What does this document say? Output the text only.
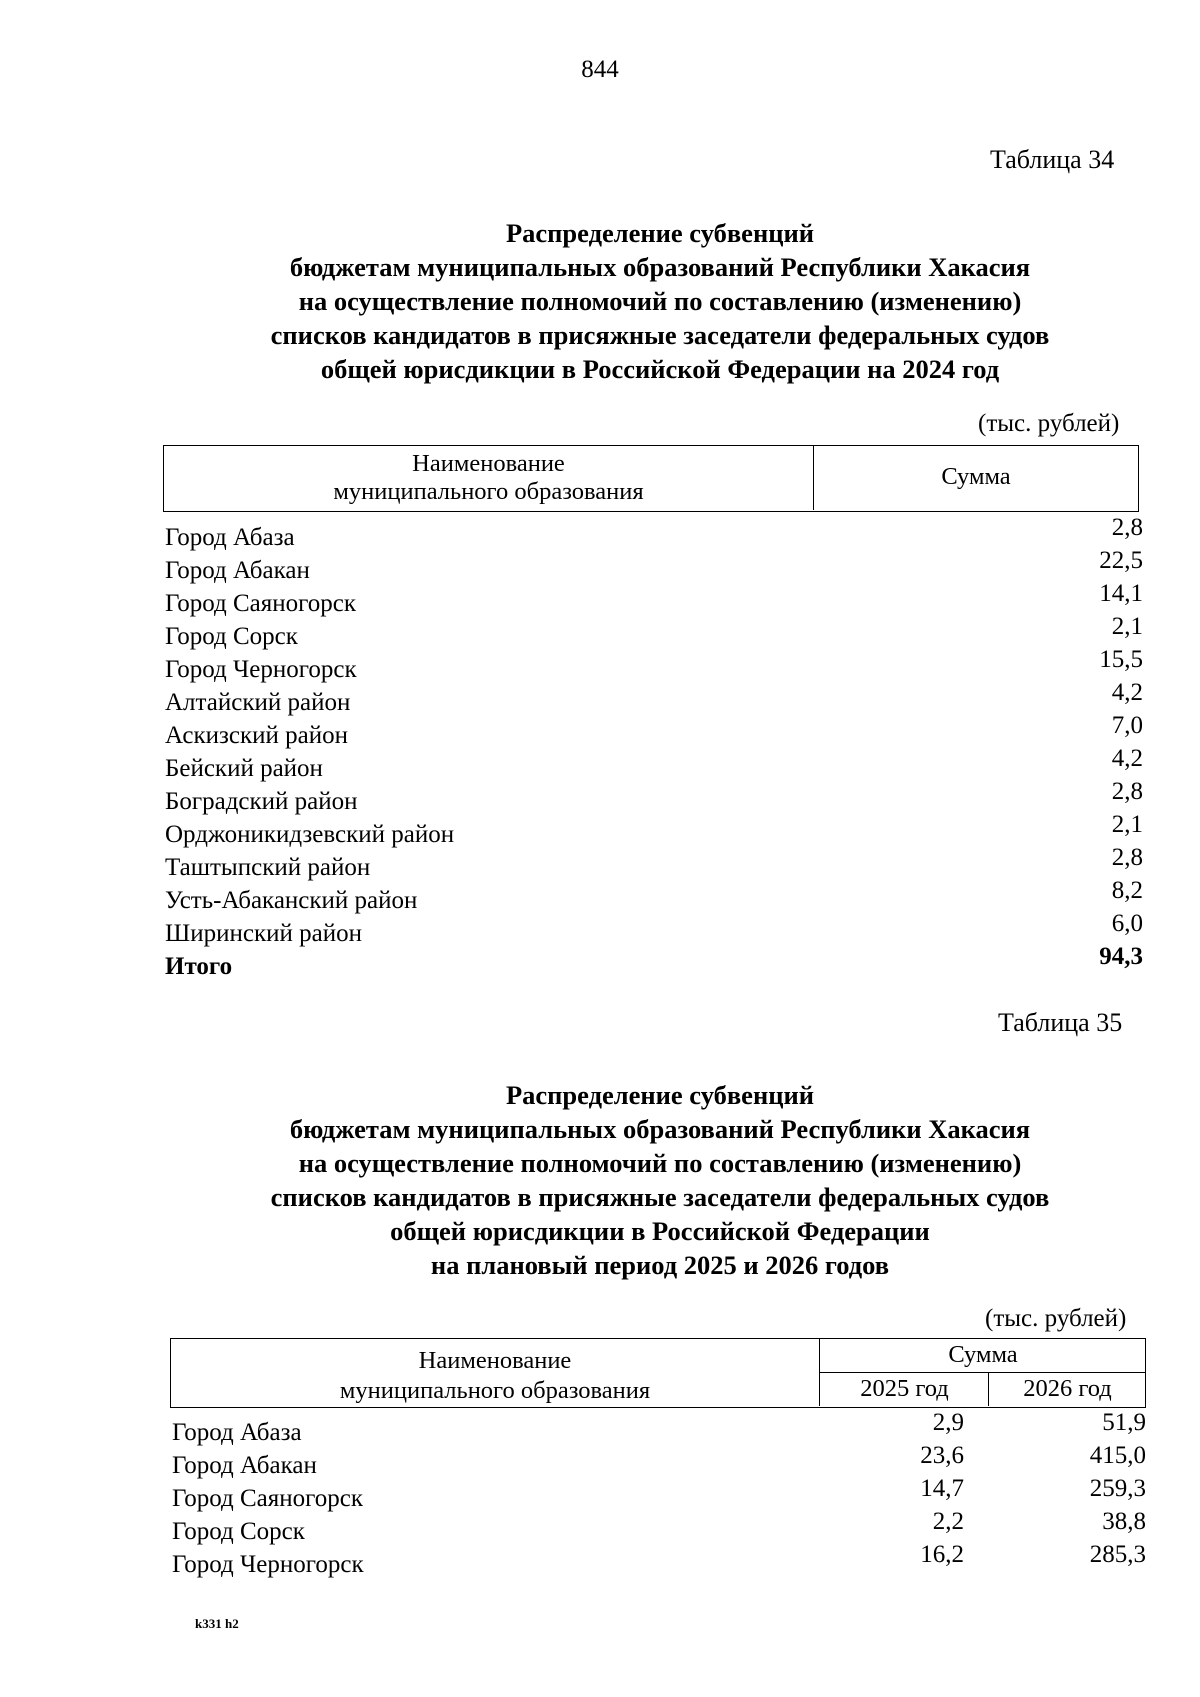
844
Таблица 34
Распределение субвенций
бюджетам муниципальных образований Республики Хакасия
на осуществление полномочий по составлению (изменению)
списков кандидатов в присяжные заседатели федеральных судов
общей юрисдикции в Российской Федерации на 2024 год
(тыс. рублей)
Наименование
муниципального образования
Сумма
Город Абаза	2,8
Город Абакан	22,5
Город Саяногорск	14,1
Город Сорск	2,1
Город Черногорск	15,5
Алтайский район	4,2
Аскизский район	7,0
Бейский район	4,2
Боградский район	2,8
Орджоникидзевский район	2,1
Таштыпский район	2,8
Усть-Абаканский район	8,2
Ширинский район	6,0
Итого	94,3
Таблица 35
Распределение субвенций
бюджетам муниципальных образований Республики Хакасия
на осуществление полномочий по составлению (изменению)
списков кандидатов в присяжные заседатели федеральных судов
общей юрисдикции в Российской Федерации
на плановый период 2025 и 2026 годов
(тыс. рублей)
Наименование
муниципального образования
Сумма
2025 год	2026 год
Город Абаза	2,9	51,9
Город Абакан	23,6	415,0
Город Саяногорск	14,7	259,3
Город Сорск	2,2	38,8
Город Черногорск	16,2	285,3
k331 h2
